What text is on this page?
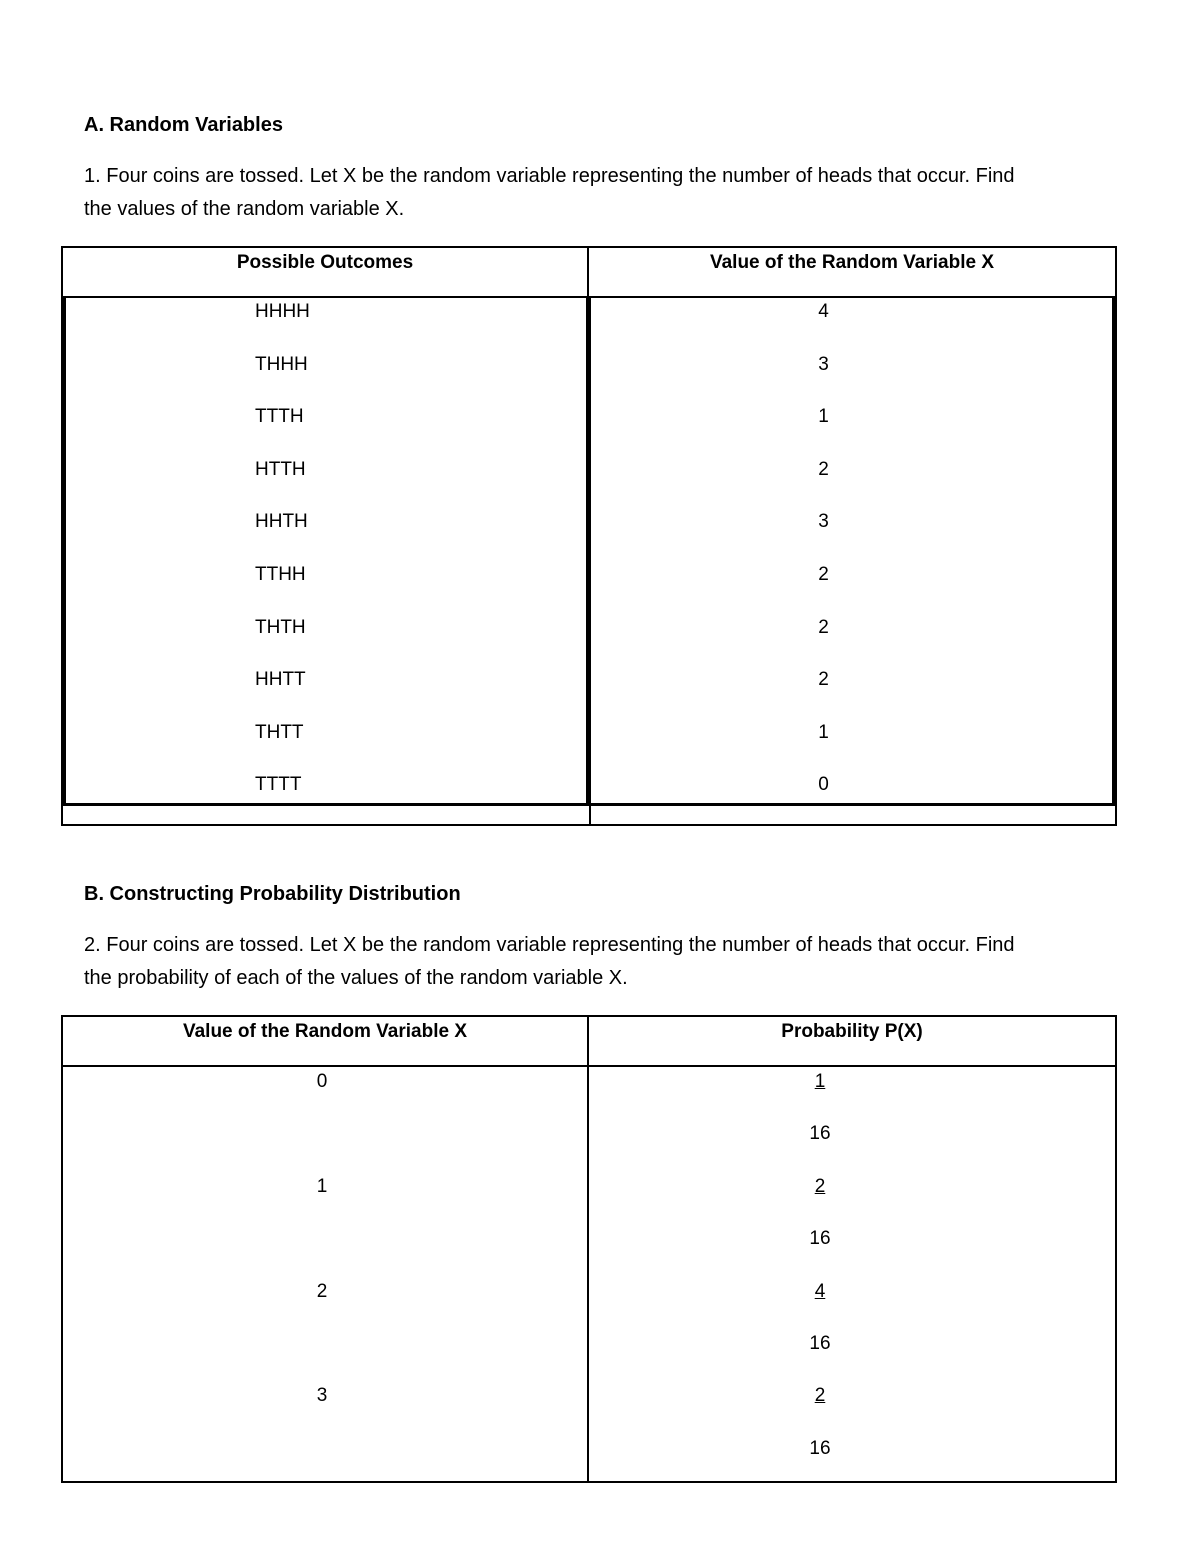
A. Random Variables
1. Four coins are tossed. Let X be the random variable representing the number of heads that occur. Find
the values of the random variable X.
Possible Outcomes	Value of the Random Variable X
HHHH
THHH
TTTH
HTTH
HHTH
TTHH
THTH
HHTT
THTT
TTTT
4
3
1
2
3
2
2
2
1
0
B. Constructing Probability Distribution
2. Four coins are tossed. Let X be the random variable representing the number of heads that occur. Find
the probability of each of the values of the random variable X.
Value of the Random Variable X	Probability P(X)
0
1
2
3
1
16
2
16
4
16
2
16
